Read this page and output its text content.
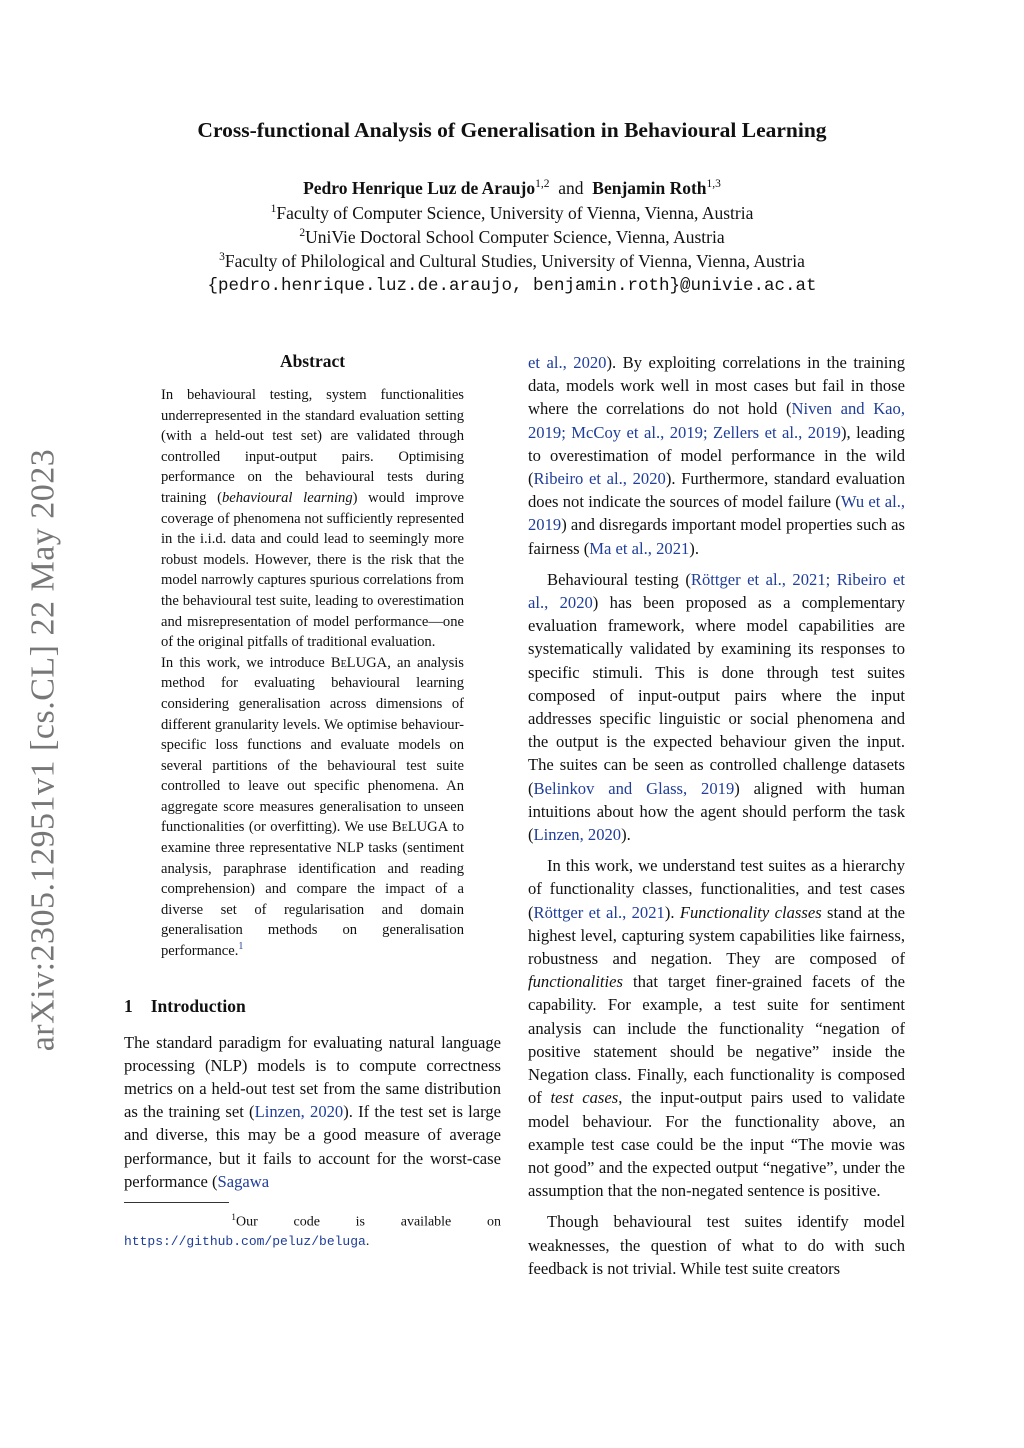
arXiv:2305.12951v1 [cs.CL] 22 May 2023
Cross-functional Analysis of Generalisation in Behavioural Learning
Pedro Henrique Luz de Araujo$^{1,2}$ and Benjamin Roth$^{1,3}$
$^1$Faculty of Computer Science, University of Vienna, Vienna, Austria
$^2$UniVie Doctoral School Computer Science, Vienna, Austria
$^3$Faculty of Philological and Cultural Studies, University of Vienna, Vienna, Austria
{pedro.henrique.luz.de.araujo, benjamin.roth}@univie.ac.at
Abstract

In behavioural testing, system functionalities underrepresented in the standard evaluation setting (with a held-out test set) are validated through controlled input-output pairs. Optimising performance on the behavioural tests during training (behavioural learning) would improve coverage of phenomena not sufficiently represented in the i.i.d. data and could lead to seemingly more robust models. However, there is the risk that the model narrowly captures spurious correlations from the behavioural test suite, leading to overestimation and misrepresentation of model performance—one of the original pitfalls of traditional evaluation.

In this work, we introduce BeLUGA, an analysis method for evaluating behavioural learning considering generalisation across dimensions of different granularity levels. We optimise behaviour-specific loss functions and evaluate models on several partitions of the behavioural test suite controlled to leave out specific phenomena. An aggregate score measures generalisation to unseen functionalities (or overfitting). We use BeLUGA to examine three representative NLP tasks (sentiment analysis, paraphrase identification and reading comprehension) and compare the impact of a diverse set of regularisation and domain generalisation methods on generalisation performance.$^1$

1 Introduction

The standard paradigm for evaluating natural language processing (NLP) models is to compute correctness metrics on a held-out test set from the same distribution as the training set (Linzen, 2020). If the test set is large and diverse, this may be a good measure of average performance, but it fails to account for the worst-case performance (Sagawa

$^1$Our code is available on https://github.com/peluz/beluga.

et al., 2020). By exploiting correlations in the training data, models work well in most cases but fail in those where the correlations do not hold (Niven and Kao, 2019; McCoy et al., 2019; Zellers et al., 2019), leading to overestimation of model performance in the wild (Ribeiro et al., 2020). Furthermore, standard evaluation does not indicate the sources of model failure (Wu et al., 2019) and disregards important model properties such as fairness (Ma et al., 2021).

Behavioural testing (Röttger et al., 2021; Ribeiro et al., 2020) has been proposed as a complementary evaluation framework, where model capabilities are systematically validated by examining its responses to specific stimuli. This is done through test suites composed of input-output pairs where the input addresses specific linguistic or social phenomena and the output is the expected behaviour given the input. The suites can be seen as controlled challenge datasets (Belinkov and Glass, 2019) aligned with human intuitions about how the agent should perform the task (Linzen, 2020).

In this work, we understand test suites as a hierarchy of functionality classes, functionalities, and test cases (Röttger et al., 2021). Functionality classes stand at the highest level, capturing system capabilities like fairness, robustness and negation. They are composed of functionalities that target finer-grained facets of the capability. For example, a test suite for sentiment analysis can include the functionality “negation of positive statement should be negative” inside the Negation class. Finally, each functionality is composed of test cases, the input-output pairs used to validate model behaviour. For the functionality above, an example test case could be the input “The movie was not good” and the expected output “negative”, under the assumption that the non-negated sentence is positive.

Though behavioural test suites identify model weaknesses, the question of what to do with such feedback is not trivial. While test suite creators
